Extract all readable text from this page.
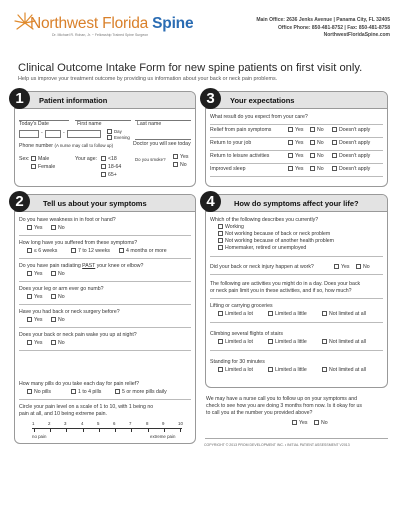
Northwest Florida Spine
Dr. Michael R. Rohan, Jr. ~ Fellowship Trained Spine Surgeon
Main Office: 2636 Jenks Avenue | Panama City, FL 32405
Office Phone: 850-481-8752 | Fax: 850-481-8758
NorthwestFloridaSpine.com
Clinical Outcome Intake Form for new spine patients on first visit only.
Help us improve your treatment outcome by providing us information about your back or neck pain problems.
1	Patient information
Today's Date	First name	Last name
-	-	Day
Evening
Phone number (A nurse may call to follow up)	Doctor you will see today
Sex:	Male
Female
Your age:	<18
18-64
65+
Do you smoke?	Yes
No
3	Your expectations
What result do you expect from your care?
Relief from pain symptoms	Yes	No	Doesn't apply
Return to your job	Yes	No	Doesn't apply
Return to leisure activities	Yes	No	Doesn't apply
Improved sleep	Yes	No	Doesn't apply
2	Tell us about your symptoms
Do you have weakness in in foot or hand?
Yes	No
How long have you suffered from these symptoms?
≤ 6 weeks	7 to 12 weeks	4 months or more
Do you have pain radiating PAST your knee or elbow?
Yes	No
Does your leg or arm ever go numb?
Yes	No
Have you had back or neck surgery before?
Yes	No
Does your back or neck pain wake you up at night?
Yes	No
How many pills do you take each day for pain relief?
No pills	1 to 4 pills	5 or more pills daily
Circle your pain level on a scale of 1 to 10, with 1 being no
pain at all, and 10 being extreme pain.
1	2	3	4	5	6	7	8	9	10
no pain	extreme pain
4	How do symptoms affect your life?
Which of the following describes you currently?
Working
Not working because of back or neck problem
Not working because of another health problem
Homemaker, retired or unemployed
Did your back or neck injury happen at work?	Yes	No
The following are activities you might do in a day. Does your back
or neck pain limit you in these activities, and if so, how much?
Lifting or carrying groceries
Limited a lot	Limited a little	Not limited at all
Climbing several flights of stairs
Limited a lot	Limited a little	Not limited at all
Standing for 30 minutes
Limited a lot	Limited a little	Not limited at all
We may have a nurse call you to follow up on your symptoms and
check to see how you are doing 3 months from now. Is it okay for us
to call you at the number you provided above?
Yes	No
COPYRIGHT © 2013 PROM DEVELOPMENT INC. • INITIAL PATIENT ASSESSMENT V2013
